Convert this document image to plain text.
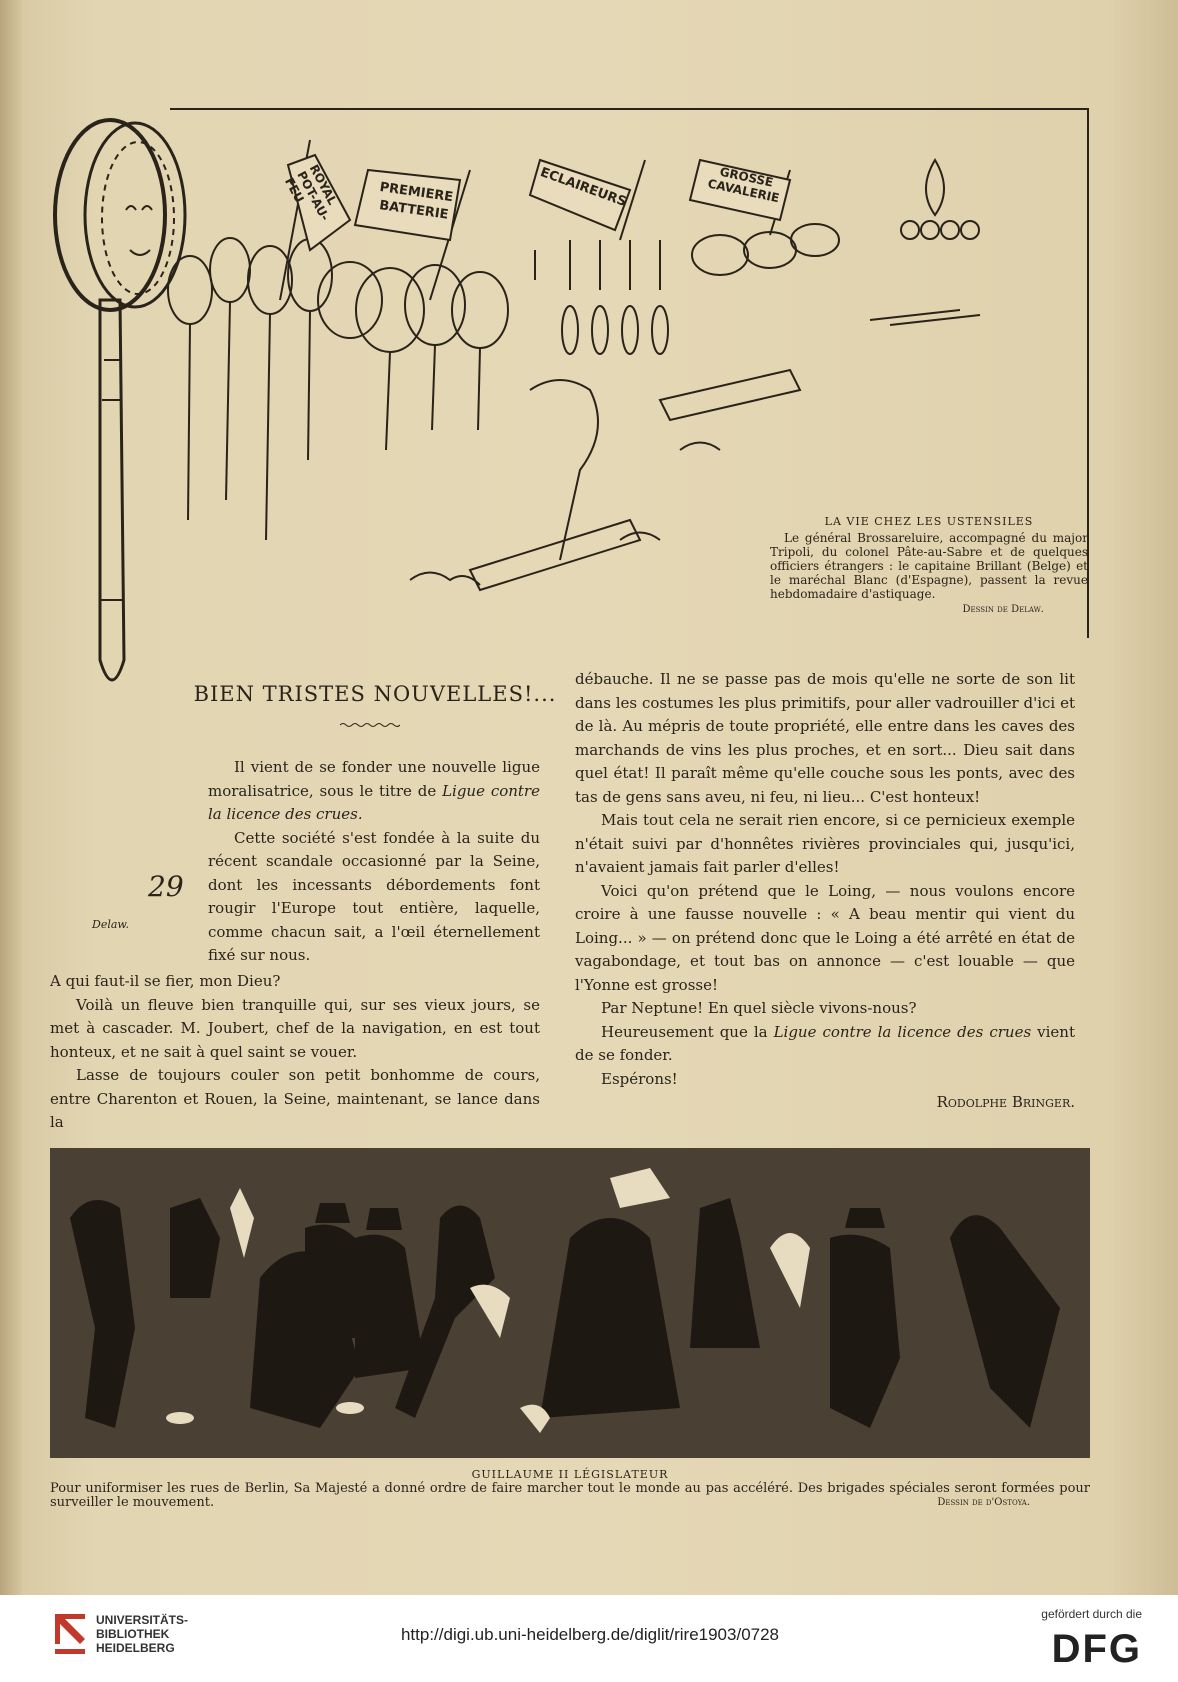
ROYAL POT-AU-FEU	PREMIERE BATTERIE
ECLAIREURS	GROSSE CAVALERIE
29
Delaw.
LA VIE CHEZ LES USTENSILES
Le général Brossareluire, accompagné du major Tripoli, du colonel Pâte-au-Sabre et de quelques officiers étrangers : le capitaine Brillant (Belge) et le maréchal Blanc (d'Espagne), passent la revue hebdomadaire d'astiquage.
Dessin de Delaw.
BIEN TRISTES NOUVELLES!...

Il vient de se fonder une nouvelle ligue moralisatrice, sous le titre de Ligue contre la licence des crues.

Cette société s'est fondée à la suite du récent scandale occasionné par la Seine, dont les incessants débordements font rougir l'Europe tout entière, laquelle, comme chacun sait, a l'œil éternellement fixé sur nous.

A qui faut-il se fier, mon Dieu?

Voilà un fleuve bien tranquille qui, sur ses vieux jours, se met à cascader. M. Joubert, chef de la navigation, en est tout honteux, et ne sait à quel saint se vouer.

Lasse de toujours couler son petit bonhomme de cours, entre Charenton et Rouen, la Seine, maintenant, se lance dans la

débauche. Il ne se passe pas de mois qu'elle ne sorte de son lit dans les costumes les plus primitifs, pour aller vadrouiller d'ici et de là. Au mépris de toute propriété, elle entre dans les caves des marchands de vins les plus proches, et en sort... Dieu sait dans quel état! Il paraît même qu'elle couche sous les ponts, avec des tas de gens sans aveu, ni feu, ni lieu... C'est honteux!

Mais tout cela ne serait rien encore, si ce pernicieux exemple n'était suivi par d'honnêtes rivières provinciales qui, jusqu'ici, n'avaient jamais fait parler d'elles!

Voici qu'on prétend que le Loing, — nous voulons encore croire à une fausse nouvelle : « A beau mentir qui vient du Loing... » — on prétend donc que le Loing a été arrêté en état de vagabondage, et tout bas on annonce — c'est louable — que l'Yonne est grosse!

Par Neptune! En quel siècle vivons-nous?

Heureusement que la Ligue contre la licence des crues vient de se fonder.

Espérons!

Rodolphe Bringer.

GUILLAUME II LÉGISLATEUR
Pour uniformiser les rues de Berlin, Sa Majesté a donné ordre de faire marcher tout le monde au pas accéléré. Des brigades spéciales seront formées pour surveiller le mouvement.	Dessin de d'Ostoya.
UNIVERSITÄTS-
BIBLIOTHEK
HEIDELBERG
http://digi.ub.uni-heidelberg.de/diglit/rire1903/0728
gefördert durch die
DFG
